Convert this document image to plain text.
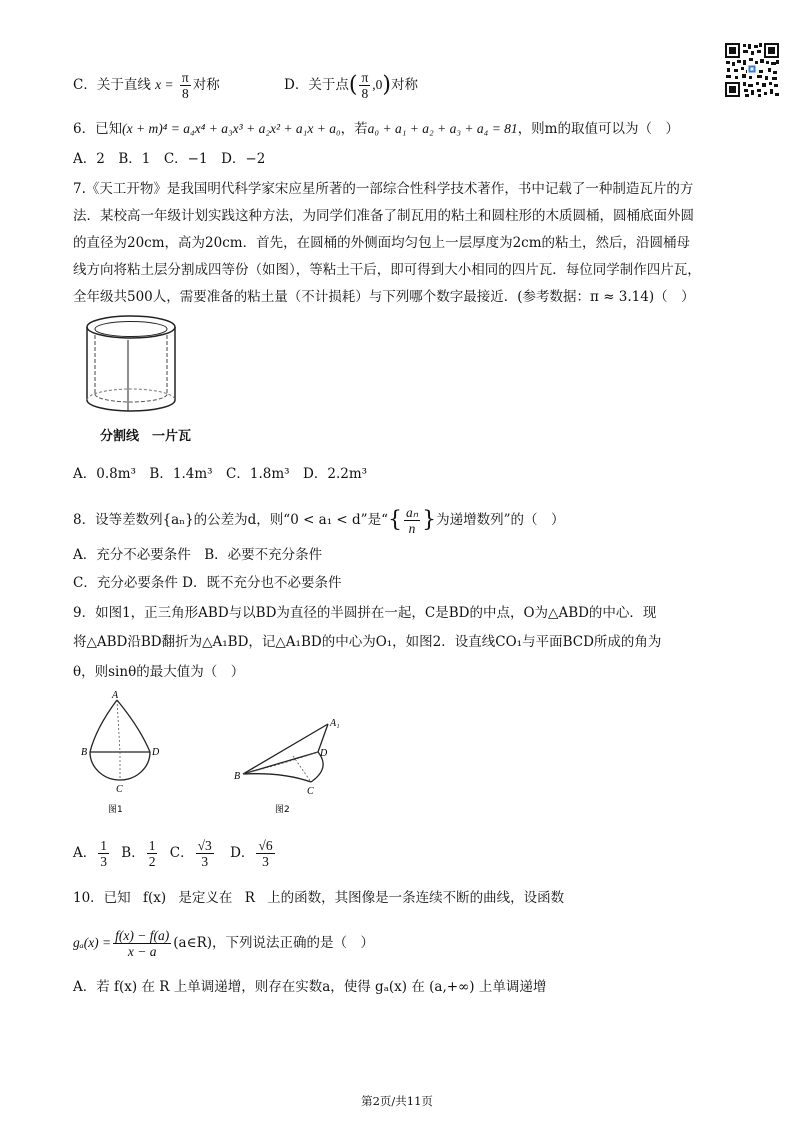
C．关于直线 $x = \frac{\pi}{8}$ 对称	D．关于点( $\frac{\pi}{8} ,0$)对称
6．已知(x + m)⁴ = a₄x⁴ + a₃x³ + a₂x² + a₁x + a₀，若a₀ + a₁ + a₂ + a₃ + a₄ = 81，则m的取值可以为（　）
A．2　B．1　C．−1　D．−2
7.《天工开物》是我国明代科学家宋应星所著的一部综合性科学技术著作，书中记载了一种制造瓦片的方
法．某校高一年级计划实践这种方法，为同学们准备了制瓦用的粘土和圆柱形的木质圆桶，圆桶底面外圆
的直径为20cm，高为20cm．首先，在圆桶的外侧面均匀包上一层厚度为2cm的粘土，然后，沿圆桶母
线方向将粘土层分割成四等份（如图），等粘土干后，即可得到大小相同的四片瓦．每位同学制作四片瓦，
全年级共500人，需要准备的粘土量（不计损耗）与下列哪个数字最接近．(参考数据：π ≈ 3.14)（　）
分割线　一片瓦
A．0.8m³　B．1.4m³　C．1.8m³　D．2.2m³
8．设等差数列{aₙ}的公差为d，则“0 < a₁ < d”是“{ $\frac{\text{aₙ}}{n}$ }为递增数列”的（　）
A．充分不必要条件　B．必要不充分条件
C．充分必要条件 D．既不充分也不必要条件
9．如图1，正三角形ABD与以BD为直径的半圆拼在一起，C是BD的中点，O为△ABD的中心．现
将△ABD沿BD翻折为△A₁BD，记△A₁BD的中心为O₁，如图2．设直线CO₁与平面BCD所成的角为
θ，则sinθ的最大值为（　）
A
B	D
C
图1
A₁
B
D
C
图2
A． $\frac{1}{3}$ B． $\frac{1}{2}$ C． $\frac{√3}{3}$ D． $\frac{√6}{3}$
10．已知 f(x) 是定义在 R 上的函数，其图像是一条连续不断的曲线，设函数
$g_a(x) = \frac{f(x) - f(a)}{x - a}$ (a∈R)，下列说法正确的是（　）
A．若 f(x) 在 R 上单调递增，则存在实数a，使得 gₐ(x) 在 (a,+∞) 上单调递增
第2页/共11页
